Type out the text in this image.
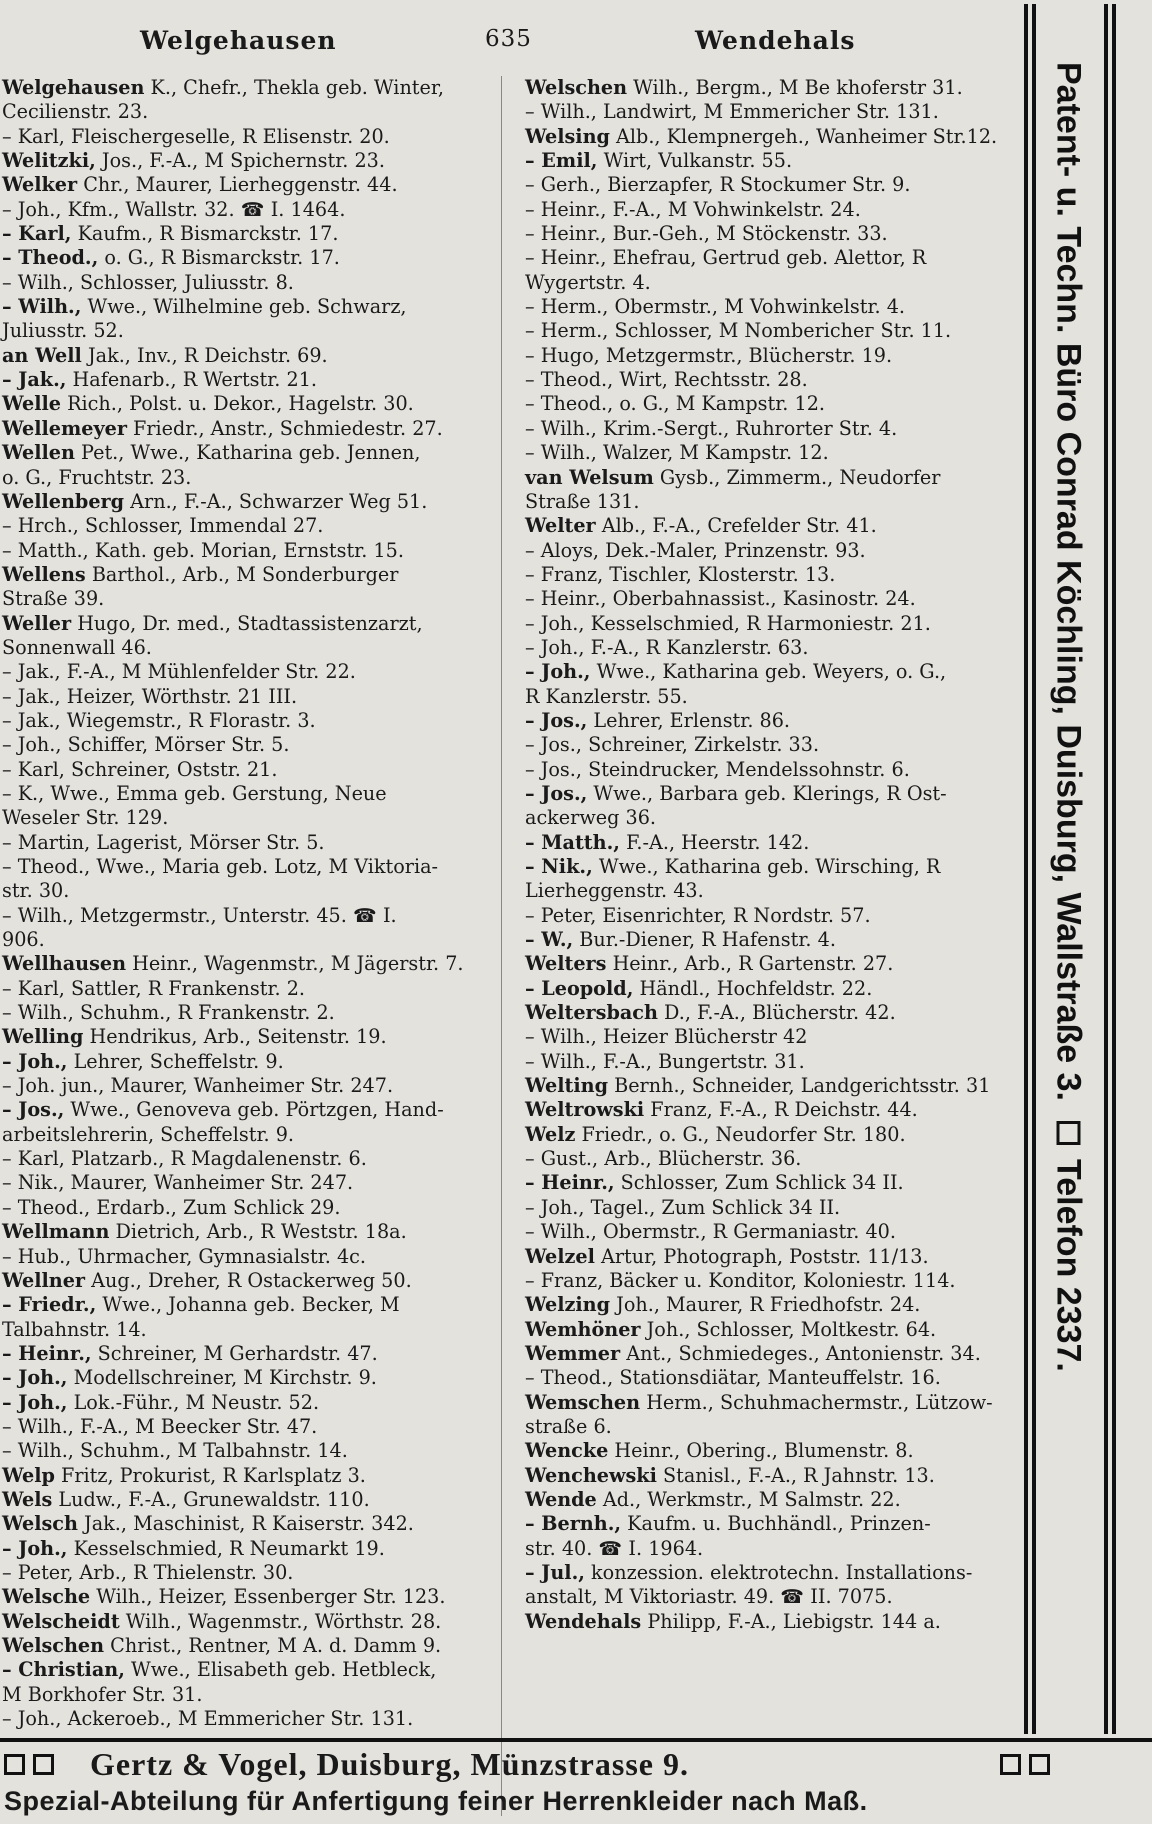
Welgehausen	635	Wendehals
Welgehausen K., Chefr., Thekla geb. Winter,
Cecilienstr. 23.
– Karl, Fleischergeselle, R Elisenstr. 20.
Welitzki, Jos., F.-A., M Spichernstr. 23.
Welker Chr., Maurer, Lierheggenstr. 44.
– Joh., Kfm., Wallstr. 32. ☎ I. 1464.
– Karl, Kaufm., R Bismarckstr. 17.
– Theod., o. G., R Bismarckstr. 17.
– Wilh., Schlosser, Juliusstr. 8.
– Wilh., Wwe., Wilhelmine geb. Schwarz,
Juliusstr. 52.
an Well Jak., Inv., R Deichstr. 69.
– Jak., Hafenarb., R Wertstr. 21.
Welle Rich., Polst. u. Dekor., Hagelstr. 30.
Wellemeyer Friedr., Anstr., Schmiedestr. 27.
Wellen Pet., Wwe., Katharina geb. Jennen,
o. G., Fruchtstr. 23.
Wellenberg Arn., F.-A., Schwarzer Weg 51.
– Hrch., Schlosser, Immendal 27.
– Matth., Kath. geb. Morian, Ernststr. 15.
Wellens Barthol., Arb., M Sonderburger
Straße 39.
Weller Hugo, Dr. med., Stadtassistenzarzt,
Sonnenwall 46.
– Jak., F.-A., M Mühlenfelder Str. 22.
– Jak., Heizer, Wörthstr. 21 III.
– Jak., Wiegemstr., R Florastr. 3.
– Joh., Schiffer, Mörser Str. 5.
– Karl, Schreiner, Oststr. 21.
– K., Wwe., Emma geb. Gerstung, Neue
Weseler Str. 129.
– Martin, Lagerist, Mörser Str. 5.
– Theod., Wwe., Maria geb. Lotz, M Viktoria-
str. 30.
– Wilh., Metzgermstr., Unterstr. 45. ☎ I.
906.
Wellhausen Heinr., Wagenmstr., M Jägerstr. 7.
– Karl, Sattler, R Frankenstr. 2.
– Wilh., Schuhm., R Frankenstr. 2.
Welling Hendrikus, Arb., Seitenstr. 19.
– Joh., Lehrer, Scheffelstr. 9.
– Joh. jun., Maurer, Wanheimer Str. 247.
– Jos., Wwe., Genoveva geb. Pörtzgen, Hand-
arbeitslehrerin, Scheffelstr. 9.
– Karl, Platzarb., R Magdalenenstr. 6.
– Nik., Maurer, Wanheimer Str. 247.
– Theod., Erdarb., Zum Schlick 29.
Wellmann Dietrich, Arb., R Weststr. 18a.
– Hub., Uhrmacher, Gymnasialstr. 4c.
Wellner Aug., Dreher, R Ostackerweg 50.
– Friedr., Wwe., Johanna geb. Becker, M
Talbahnstr. 14.
– Heinr., Schreiner, M Gerhardstr. 47.
– Joh., Modellschreiner, M Kirchstr. 9.
– Joh., Lok.-Führ., M Neustr. 52.
– Wilh., F.-A., M Beecker Str. 47.
– Wilh., Schuhm., M Talbahnstr. 14.
Welp Fritz, Prokurist, R Karlsplatz 3.
Wels Ludw., F.-A., Grunewaldstr. 110.
Welsch Jak., Maschinist, R Kaiserstr. 342.
– Joh., Kesselschmied, R Neumarkt 19.
– Peter, Arb., R Thielenstr. 30.
Welsche Wilh., Heizer, Essenberger Str. 123.
Welscheidt Wilh., Wagenmstr., Wörthstr. 28.
Welschen Christ., Rentner, M A. d. Damm 9.
– Christian, Wwe., Elisabeth geb. Hetbleck,
M Borkhofer Str. 31.
– Joh., Ackeroeb., M Emmericher Str. 131.
Welschen Wilh., Bergm., M Be khoferstr 31.
– Wilh., Landwirt, M Emmericher Str. 131.
Welsing Alb., Klempnergeh., Wanheimer Str.12.
– Emil, Wirt, Vulkanstr. 55.
– Gerh., Bierzapfer, R Stockumer Str. 9.
– Heinr., F.-A., M Vohwinkelstr. 24.
– Heinr., Bur.-Geh., M Stöckenstr. 33.
– Heinr., Ehefrau, Gertrud geb. Alettor, R
Wygertstr. 4.
– Herm., Obermstr., M Vohwinkelstr. 4.
– Herm., Schlosser, M Nomberichег Str. 11.
– Hugo, Metzgermstr., Blücherstr. 19.
– Theod., Wirt, Rechtsstr. 28.
– Theod., o. G., M Kampstr. 12.
– Wilh., Krim.-Sergt., Ruhrorter Str. 4.
– Wilh., Walzer, M Kampstr. 12.
van Welsum Gysb., Zimmerm., Neudorfer
Straße 131.
Welter Alb., F.-A., Crefelder Str. 41.
– Aloys, Dek.-Maler, Prinzenstr. 93.
– Franz, Tischler, Klosterstr. 13.
– Heinr., Oberbahnassist., Kasinostr. 24.
– Joh., Kesselschmied, R Harmoniestr. 21.
– Joh., F.-A., R Kanzlerstr. 63.
– Joh., Wwe., Katharina geb. Weyers, o. G.,
R Kanzlerstr. 55.
– Jos., Lehrer, Erlenstr. 86.
– Jos., Schreiner, Zirkelstr. 33.
– Jos., Steindrucker, Mendelssohnstr. 6.
– Jos., Wwe., Barbara geb. Klerings, R Ost-
ackerweg 36.
– Matth., F.-A., Heerstr. 142.
– Nik., Wwe., Katharina geb. Wirsching, R
Lierheggenstr. 43.
– Peter, Eisenrichter, R Nordstr. 57.
– W., Bur.-Diener, R Hafenstr. 4.
Welters Heinr., Arb., R Gartenstr. 27.
– Leopold, Händl., Hochfeldstr. 22.
Weltersbach D., F.-A., Blücherstr. 42.
– Wilh., Heizer Blücherstr 42
– Wilh., F.-A., Bungertstr. 31.
Welting Bernh., Schneider, Landgerichtsstr. 31
Weltrowski Franz, F.-A., R Deichstr. 44.
Welz Friedr., o. G., Neudorfer Str. 180.
– Gust., Arb., Blücherstr. 36.
– Heinr., Schlosser, Zum Schlick 34 II.
– Joh., Tagel., Zum Schlick 34 II.
– Wilh., Obermstr., R Germaniastr. 40.
Welzel Artur, Photograph, Poststr. 11/13.
– Franz, Bäcker u. Konditor, Koloniestr. 114.
Welzing Joh., Maurer, R Friedhofstr. 24.
Wemhöner Joh., Schlosser, Moltkestr. 64.
Wemmer Ant., Schmiedeges., Antonienstr. 34.
– Theod., Stationsdiätar, Manteuffelstr. 16.
Wemschen Herm., Schuhmachermstr., Lützow-
straße 6.
Wencke Heinr., Obering., Blumenstr. 8.
Wenchewski Stanisl., F.-A., R Jahnstr. 13.
Wende Ad., Werkmstr., M Salmstr. 22.
– Bernh., Kaufm. u. Buchhändl., Prinzen-
str. 40. ☎ I. 1964.
– Jul., konzession. elektrotechn. Installations-
anstalt, M Viktoriastr. 49. ☎ II. 7075.
Wendehals Philipp, F.-A., Liebigstr. 144 a.
Patent- u. Techn. Büro Conrad Köchling, Duisburg, Wallstraße 3.Telefon 2337.
Gertz & Vogel, Duisburg, Münzstrasse 9.
Spezial-Abteilung für Anfertigung feiner Herrenkleider nach Maß.
